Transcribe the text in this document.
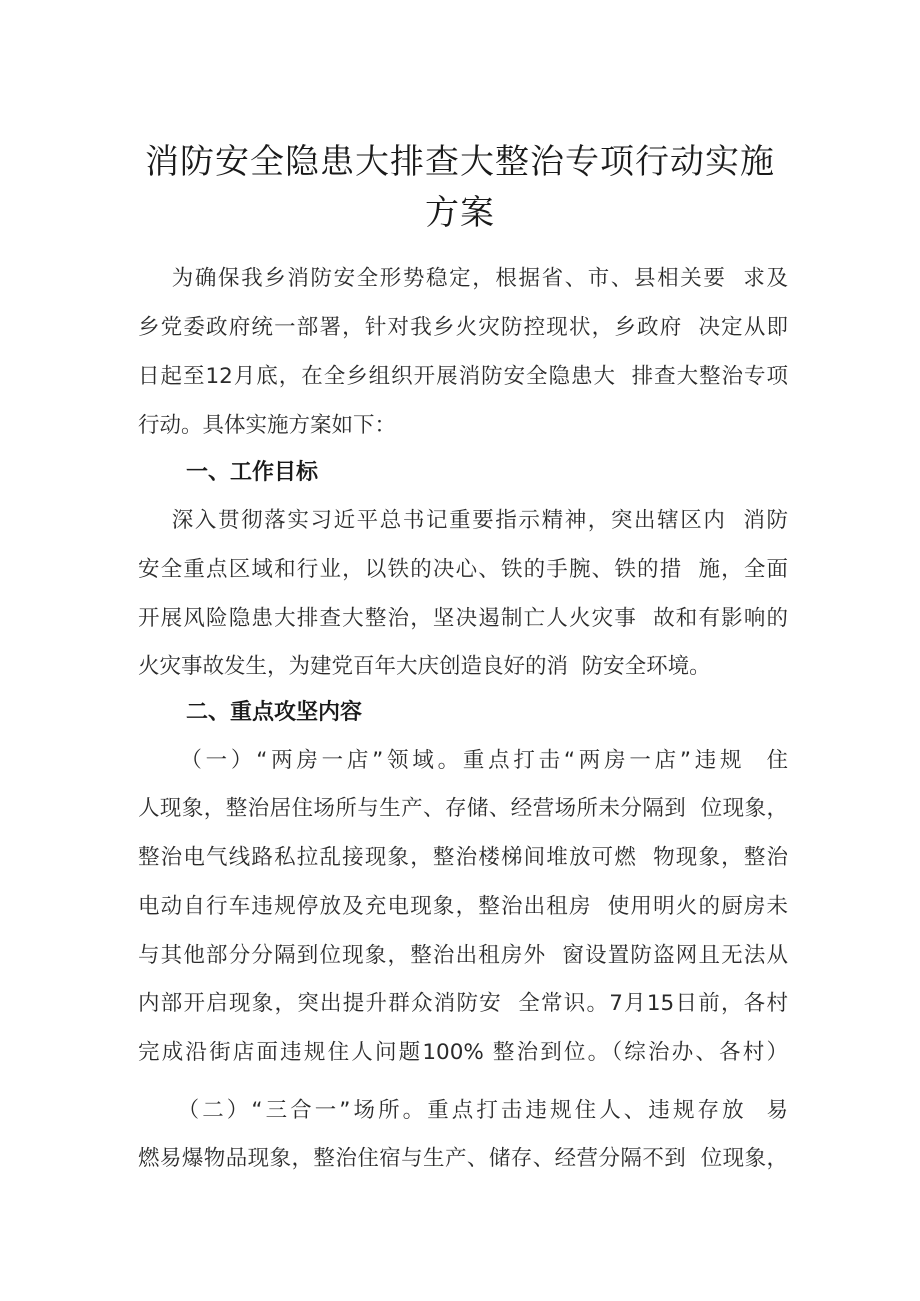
消防安全隐患大排查大整治专项行动实施
方案
为确保我乡消防安全形势稳定，根据省、市、县相关要  求及
乡党委政府统一部署，针对我乡火灾防控现状，乡政府  决定从即
日起至12月底，在全乡组织开展消防安全隐患大  排查大整治专项
行动。具体实施方案如下：
一、工作目标
深入贯彻落实习近平总书记重要指示精神，突出辖区内  消防
安全重点区域和行业，以铁的决心、铁的手腕、铁的措  施，全面
开展风险隐患大排查大整治，坚决遏制亡人火灾事  故和有影响的
火灾事故发生，为建党百年大庆创造良好的消  防安全环境。
二、重点攻坚内容
（一）“两房一店”领域。重点打击“两房一店”违规  住
人现象，整治居住场所与生产、存储、经营场所未分隔到  位现象，
整治电气线路私拉乱接现象，整治楼梯间堆放可燃  物现象，整治
电动自行车违规停放及充电现象，整治出租房  使用明火的厨房未
与其他部分分隔到位现象，整治出租房外  窗设置防盗网且无法从
内部开启现象，突出提升群众消防安  全常识。7月15日前，各村
完成沿街店面违规住人问题100% 整治到位。（综治办、各村）
（二）“三合一”场所。重点打击违规住人、违规存放  易
燃易爆物品现象，整治住宿与生产、储存、经营分隔不到  位现象，
